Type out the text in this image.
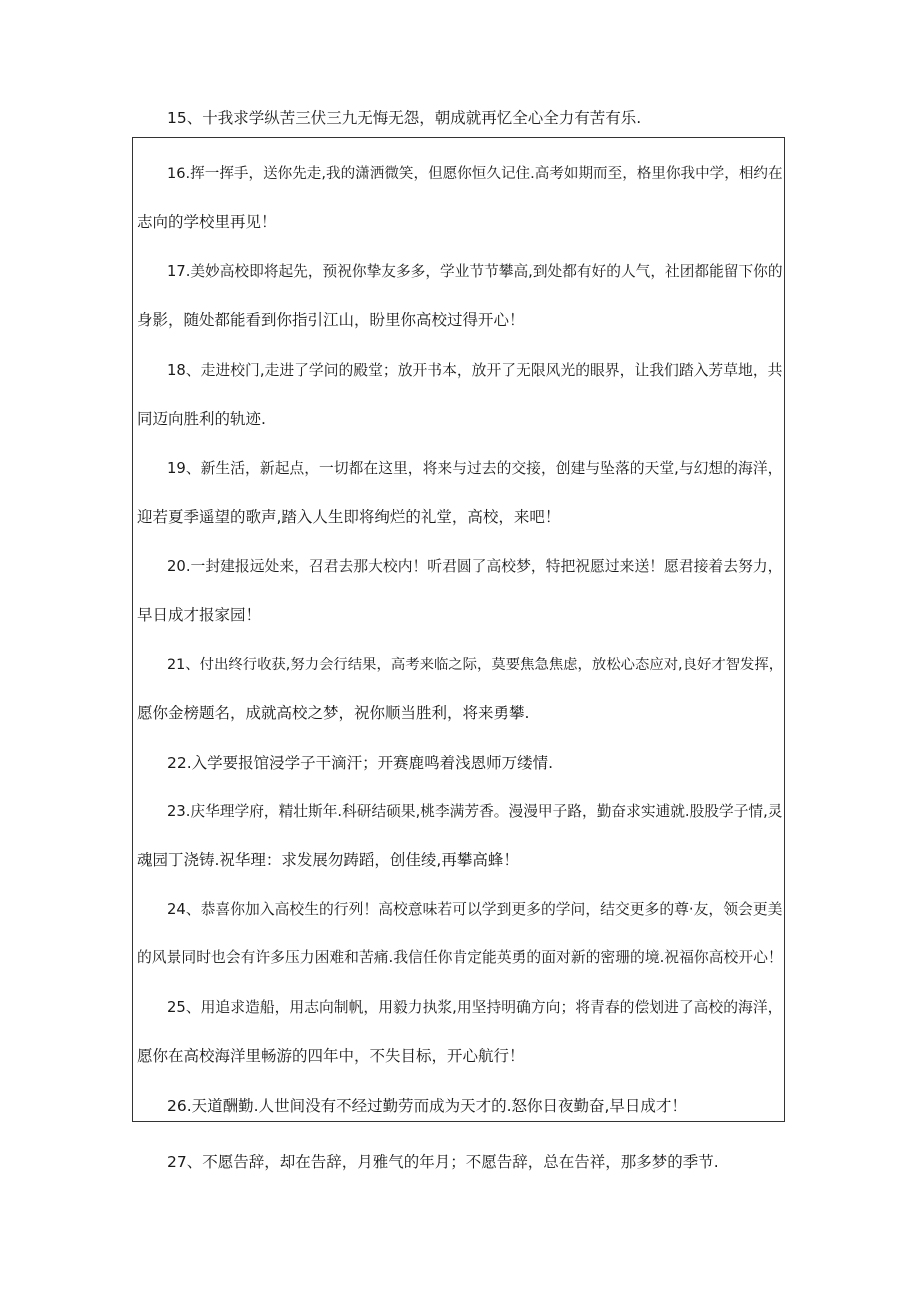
15、十我求学纵苦三伏三九无悔无怨，朝成就再忆全心全力有苦有乐.
16.挥一挥手，送你先走,我的潇洒微笑，但愿你恒久记住.高考如期而至，格里你我中学，相约在
志向的学校里再见！
17.美妙高校即将起先，预祝你挚友多多，学业节节攀高,到处都有好的人气，社团都能留下你的
身影，随处都能看到你指引江山，盼里你高校过得开心！
18、走进校门,走进了学问的殿堂；放开书本，放开了无限风光的眼界，让我们踏入芳草地，共
同迈向胜利的轨迹.
19、新生活，新起点，一切都在这里，将来与过去的交接，创建与坠落的天堂,与幻想的海洋，
迎若夏季遥望的歌声,踏入人生即将绚烂的礼堂，高校，来吧！
20.一封建报远处来，召君去那大校内！听君圆了高校梦，特把祝愿过来送！愿君接着去努力，
早日成才报家园！
21、付出终行收获,努力会行结果，高考来临之际，莫要焦急焦虑，放松心态应对,良好才智发挥，
愿你金榜题名，成就高校之梦，祝你顺当胜利，将来勇攀.
22.入学要报馆浸学子干滴汗；开赛鹿鸣着浅恩师万缕情.
23.庆华理学府，精壮斯年.科研结硕果,桃李满芳香。漫漫甲子路，勤奋求实逋就.股股学子情,灵
魂园丁浇铸.祝华理：求发展勿踌蹈，创佳绫,再攀高蜂！
24、恭喜你加入高校生的行列！高校意味若可以学到更多的学问，结交更多的尊·友，领会更美
的风景同时也会有许多压力困难和苦痛.我信任你肯定能英勇的面对新的密珊的境.祝福你高校开心！
25、用追求造船，用志向制帆，用毅力执浆,用坚持明确方向；将青春的偿划进了高校的海洋，
愿你在高校海洋里畅游的四年中，不失目标，开心航行！
26.天道酬勤.人世间没有不经过勤劳而成为天才的.怒你日夜勤奋,早日成才！
27、不愿告辞，却在告辞，月雅气的年月；不愿告辞，总在告祥，那多梦的季节.
